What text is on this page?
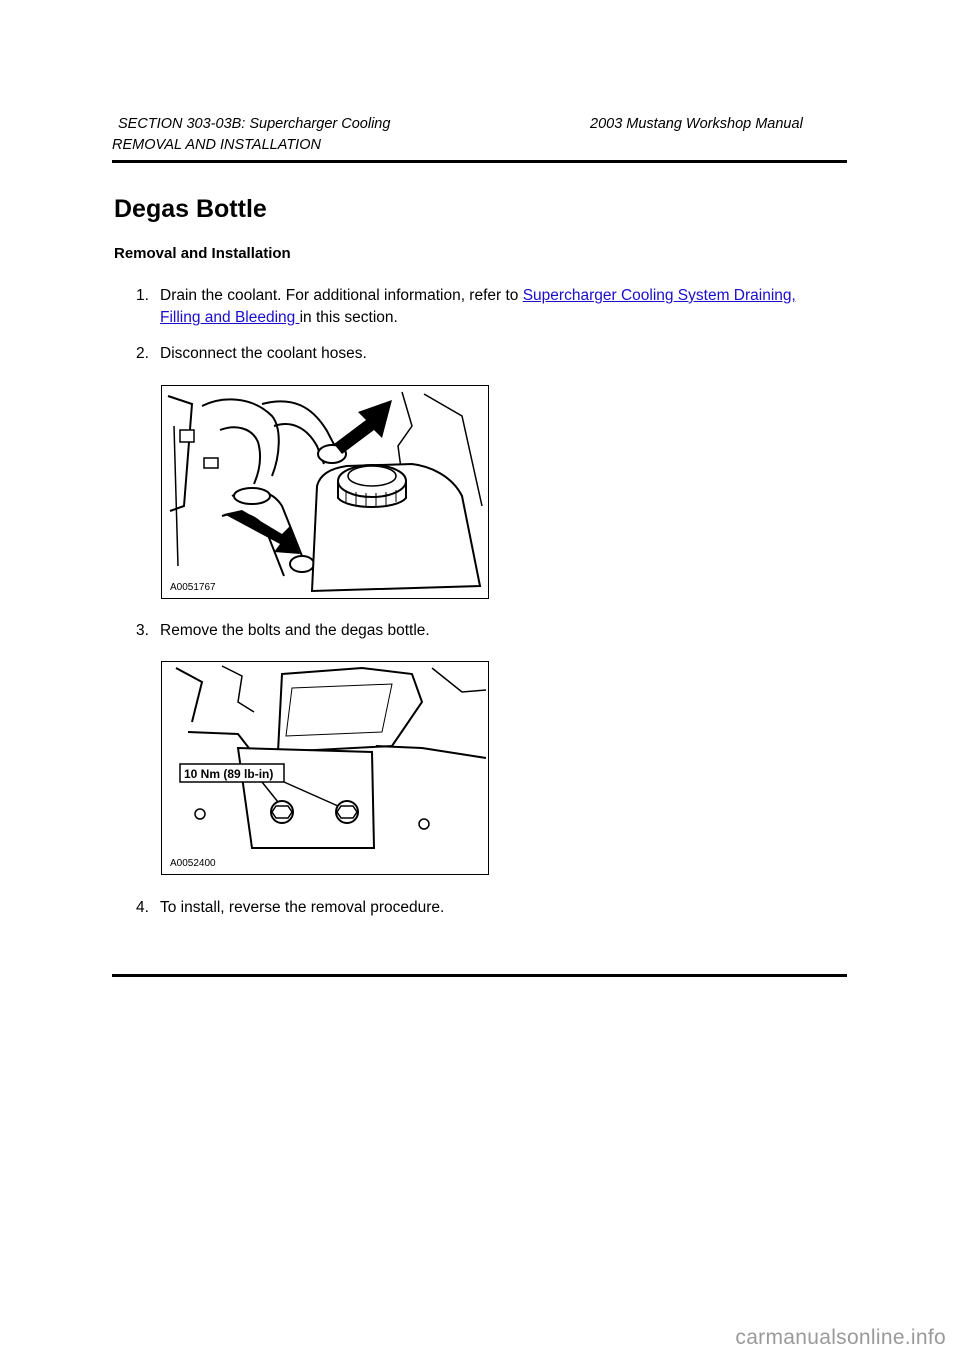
SECTION 303-03B: Supercharger Cooling	2003 Mustang Workshop Manual
REMOVAL AND INSTALLATION
Degas Bottle
Removal and Installation
1. Drain the coolant. For additional information, refer to Supercharger Cooling System Draining, Filling and Bleeding in this section.
2. Disconnect the coolant hoses.
A0051767
3. Remove the bolts and the degas bottle.
10 Nm (89 lb-in)
A0052400
4. To install, reverse the removal procedure.
carmanualsonline.info
